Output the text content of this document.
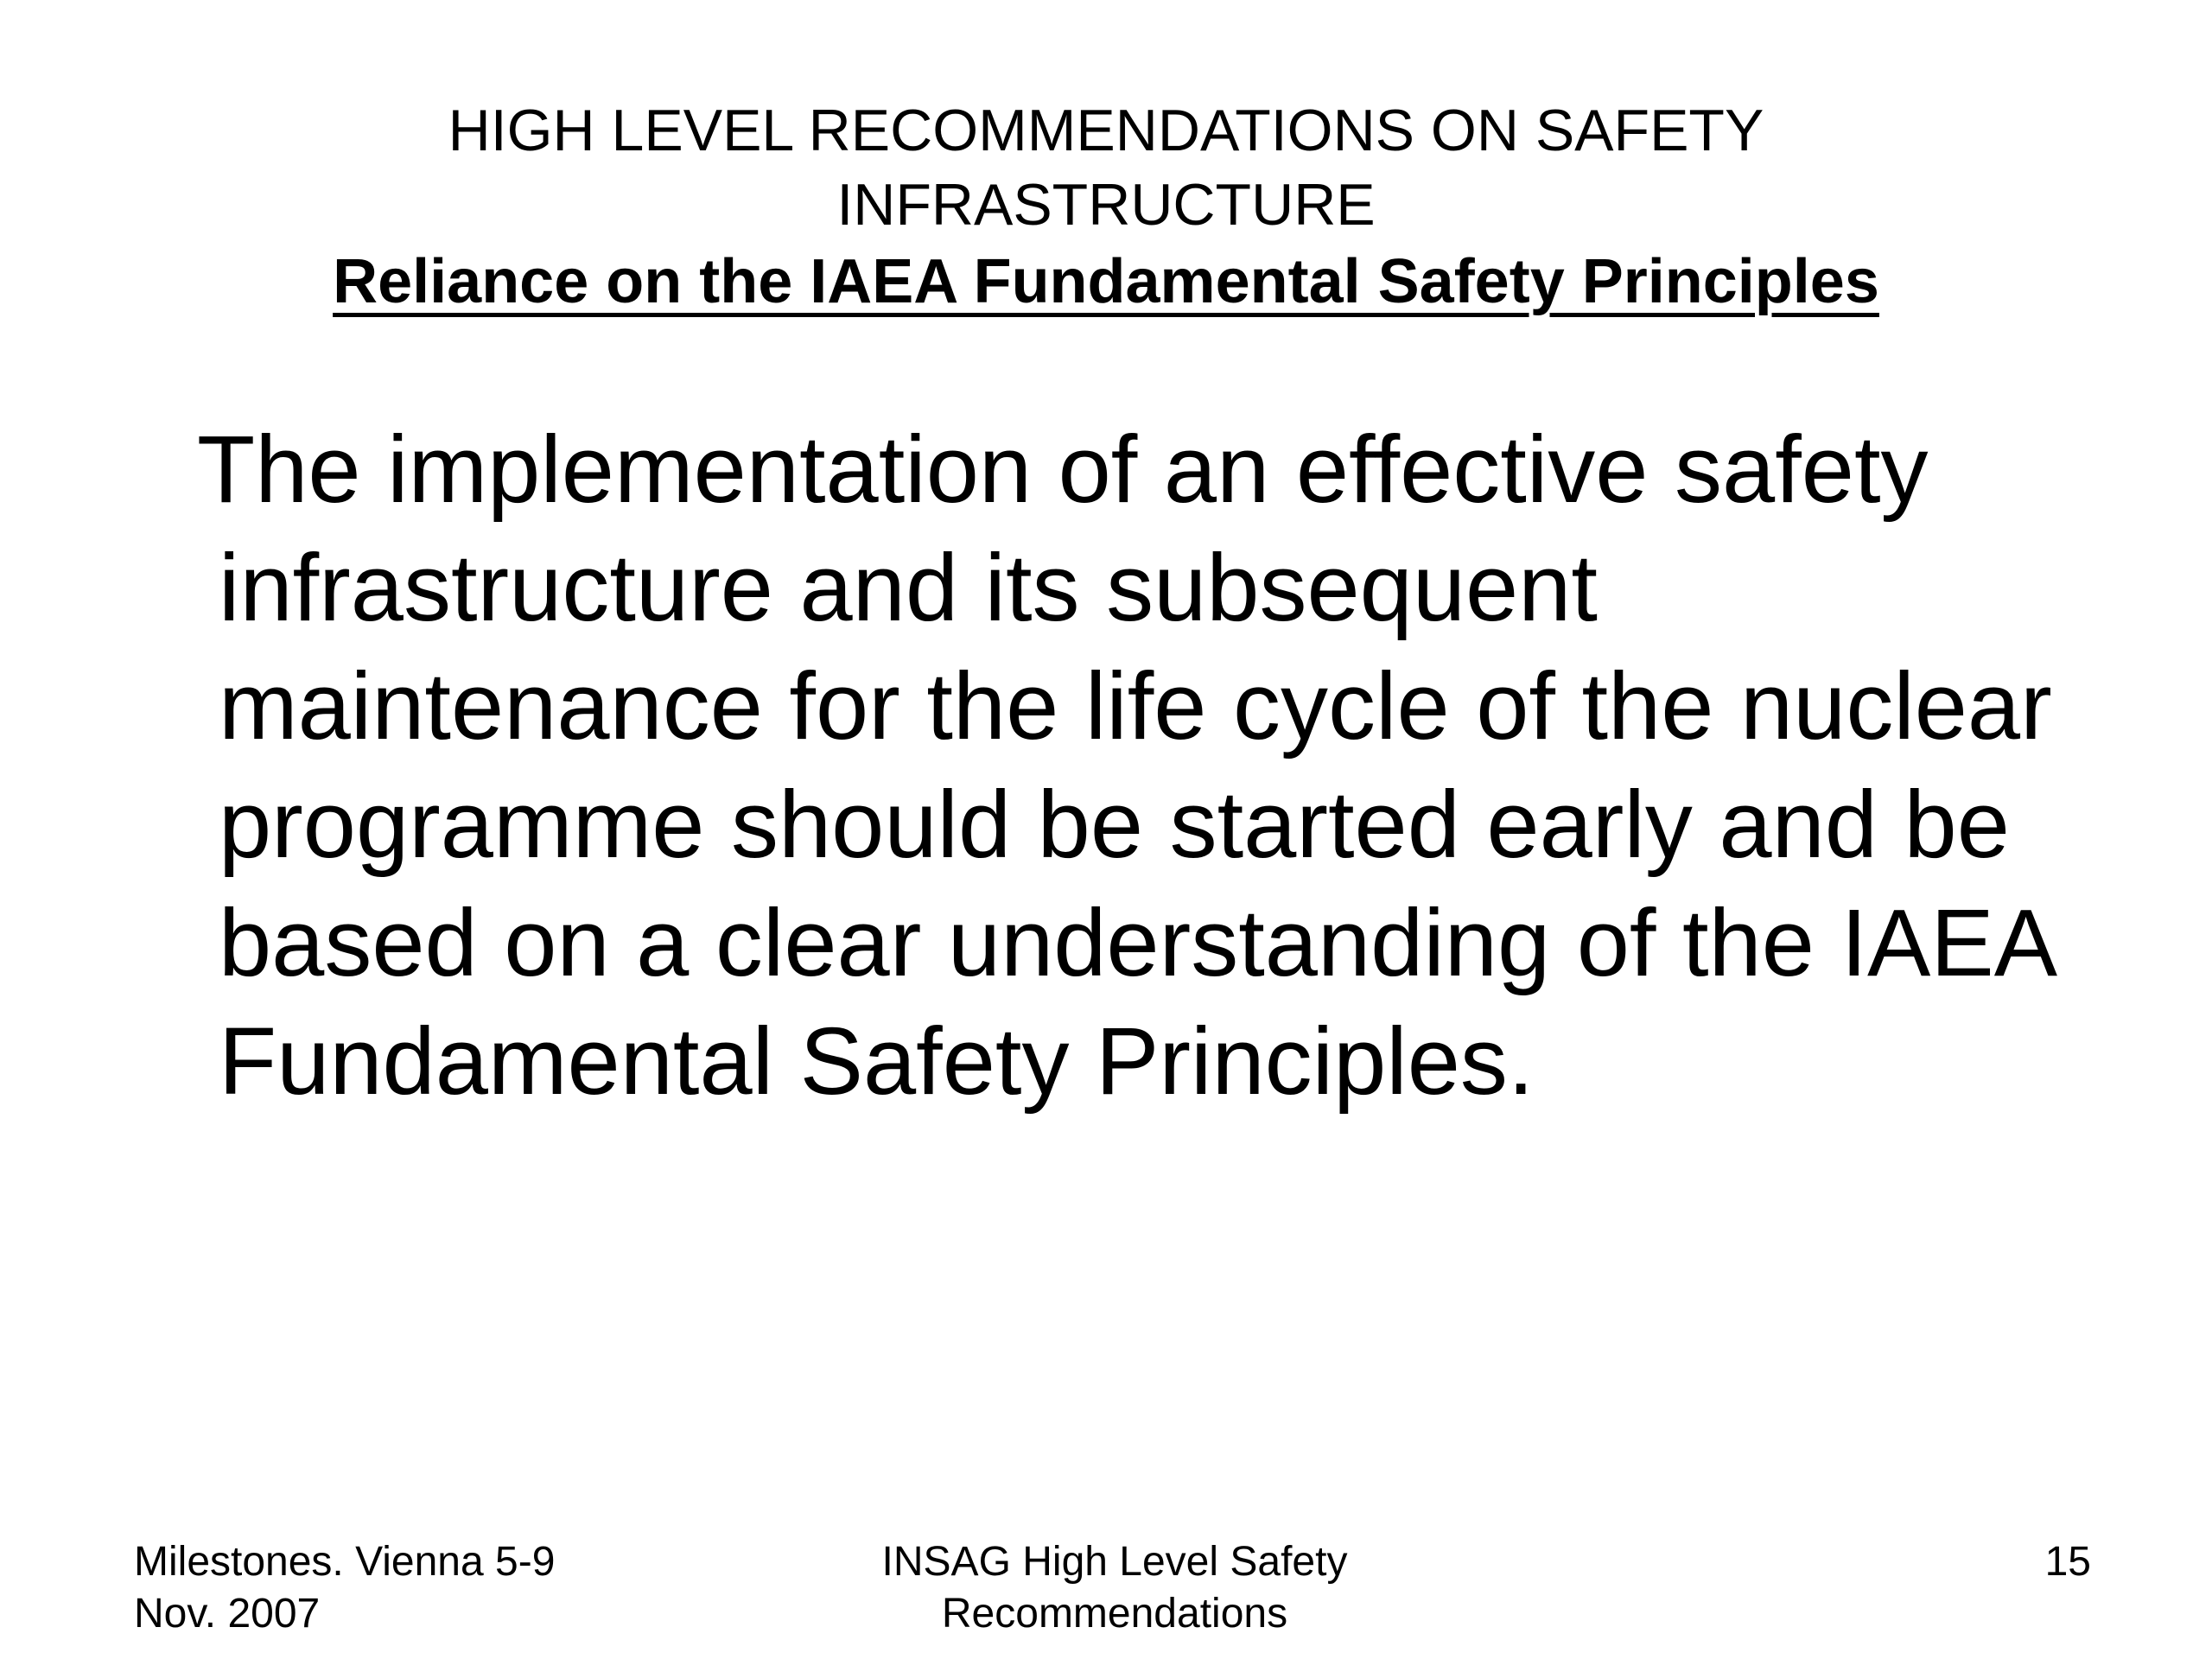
HIGH LEVEL RECOMMENDATIONS ON SAFETY
INFRASTRUCTURE
Reliance on the IAEA Fundamental Safety Principles
The implementation of an effective safety infrastructure and its subsequent maintenance for the life cycle of the nuclear programme should be started early and be based on a clear understanding of the IAEA Fundamental Safety Principles.
Milestones. Vienna 5-9
Nov. 2007
INSAG High Level Safety
Recommendations
15
